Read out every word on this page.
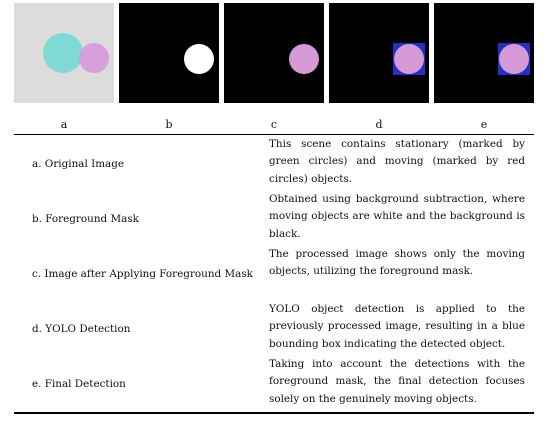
a	b	c	d	e
a. Original Image
This scene contains stationary (marked by green circles) and moving (marked by red circles) objects.
b. Foreground Mask
Obtained using background subtraction, where moving objects are white and the background is black.
c. Image after Applying Foreground Mask
The processed image shows only the moving objects, utilizing the foreground mask.
d. YOLO Detection
YOLO object detection is applied to the previously processed image, resulting in a blue bounding box indicating the detected object.
e. Final Detection
Taking into account the detections with the foreground mask, the final detection focuses solely on the genuinely moving objects.
